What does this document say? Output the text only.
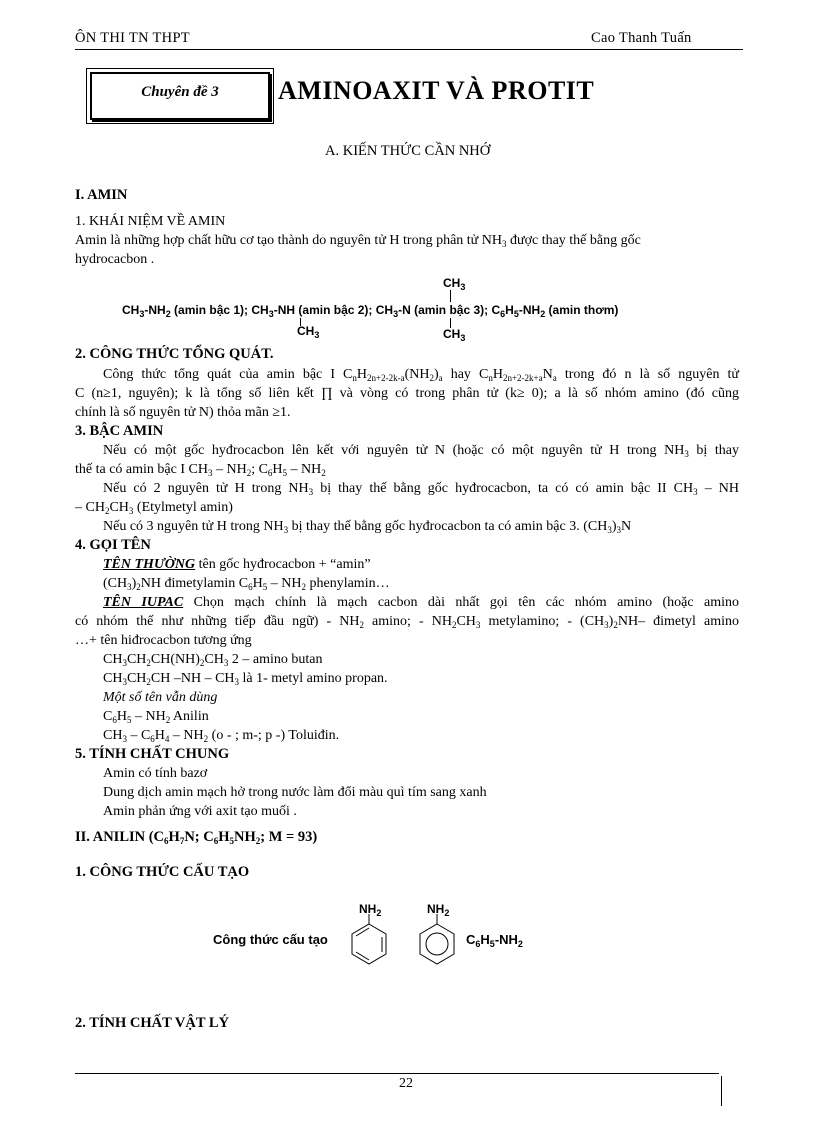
ÔN THI TN THPT	Cao Thanh Tuấn
Chuyên đề 3	AMINOAXIT VÀ PROTIT
A. KIẾN THỨC CẦN NHỚ
I. AMIN
1. KHÁI NIỆM VỀ AMIN
Amin là những hợp chất hữu cơ tạo thành do nguyên tử H trong phân tử $NH_3$ được thay thế bằng gốc
hydrocacbon .
$CH_3-NH_2$ (amin bậc 1); $CH_3-NH$ (amin bậc 2); $CH_3-N$ (amin bậc 3); $C_6H_5-NH_2$ (amin thơm)
$CH_3$
$CH_3$
$CH_3$
2. CÔNG THỨC TỔNG QUÁT.
Công thức tổng quát của amin bậc I $C_nH_{2n+2-2k-a}(NH_2)_a$ hay $C_nH_{2n+2-2k+a}N_a$ trong đó n là số nguyên tử
C (n≥1, nguyên); k là tổng số liên kết ∏ và vòng có trong phân tử (k≥ 0); a là số nhóm amino (đó cũng
chính là số nguyên tử N) thỏa mãn ≥1.
3. BẬC AMIN
Nếu có một gốc hyđrocacbon lên kết với nguyên tử N (hoặc có một nguyên tử H trong $NH_3$ bị thay
thế ta có amin bậc I $CH_3 - NH_2$; $C_6H_5 - NH_2$
Nếu có 2 nguyên tử H trong $NH_3$ bị thay thế bằng gốc hyđrocacbon, ta có có amin bậc II $CH_3$ – NH
– $CH_2CH_3$ (Etylmetyl amin)
Nếu có 3 nguyên tử H trong $NH_3$ bị thay thế bằng gốc hyđrocacbon ta có amin bậc 3. $(CH_3)_3N$
4. GỌI TÊN
TÊN THƯỜNG tên gốc hyđrocacbon + “amin”
$(CH_3)_2NH$ đimetylamin $C_6H_5 - NH_2$ phenylamin…
TÊN IUPAC Chọn mạch chính là mạch cacbon dài nhất gọi tên các nhóm amino (hoặc amino
có nhóm thế như những tiếp đầu ngữ) - $NH_2$ amino; - $NH_2CH_3$ metylamino; - $(CH_3)_2NH-$ đimetyl amino
…+ tên hiđrocacbon tương ứng
$CH_3CH_2CH(NH)_2CH_3$ 2 – amino butan
$CH_3CH_2CH$ $-NH - CH_3$ là 1- metyl amino propan.
Một số tên vẫn dùng
$C_6H_5 - NH_2$ Anilin
$CH_3 - C_6H_4 - NH_2$ (o - ; m-; p -) Toluiđin.
5. TÍNH CHẤT CHUNG
Amin có tính bazơ
Dung dịch amin mạch hở trong nước làm đổi màu quì tím sang xanh
Amin phản ứng với axit tạo muối .
II. ANILIN ($C_6H_7N$; $C_6H_5NH_2$; M = 93)
1. CÔNG THỨC CẤU TẠO
Công thức cấu tạo
$NH_2$	$NH_2$
$C_6H_5-NH_2$
2. TÍNH CHẤT VẬT LÝ
22
